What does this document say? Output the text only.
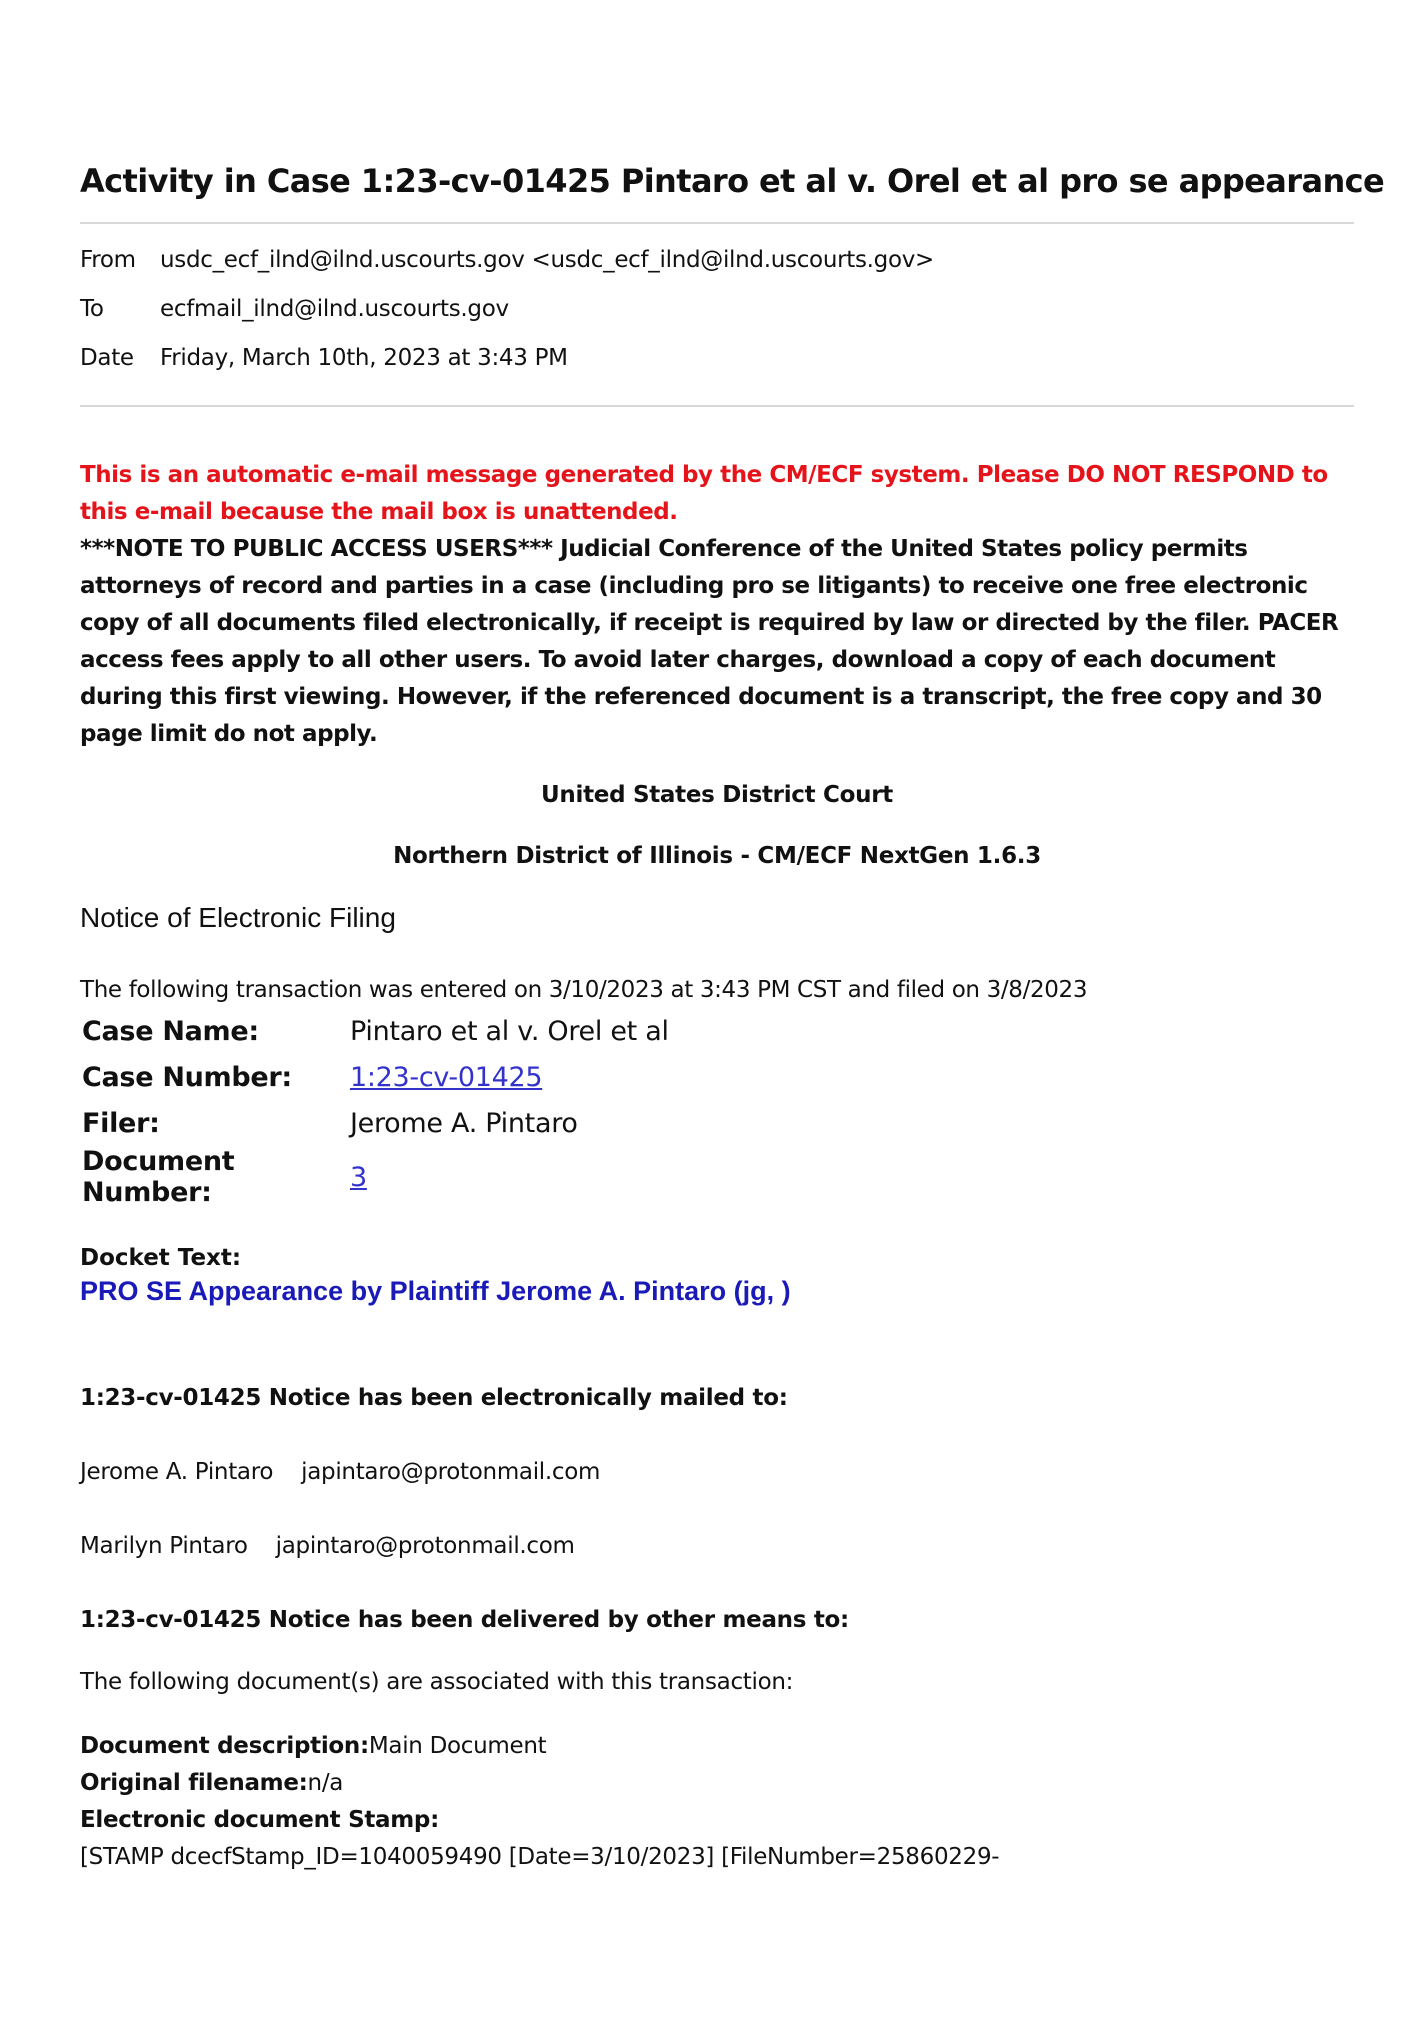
Activity in Case 1:23-cv-01425 Pintaro et al v. Orel et al pro se appearance
From	usdc_ecf_ilnd@ilnd.uscourts.gov <usdc_ecf_ilnd@ilnd.uscourts.gov>
To	ecfmail_ilnd@ilnd.uscourts.gov
Date	Friday, March 10th, 2023 at 3:43 PM
This is an automatic e-mail message generated by the CM/ECF system. Please DO NOT RESPOND to this e-mail because the mail box is unattended.
***NOTE TO PUBLIC ACCESS USERS*** Judicial Conference of the United States policy permits attorneys of record and parties in a case (including pro se litigants) to receive one free electronic copy of all documents filed electronically, if receipt is required by law or directed by the filer. PACER access fees apply to all other users. To avoid later charges, download a copy of each document during this first viewing. However, if the referenced document is a transcript, the free copy and 30 page limit do not apply.
United States District Court
Northern District of Illinois - CM/ECF NextGen 1.6.3
Notice of Electronic Filing
The following transaction was entered on 3/10/2023 at 3:43 PM CST and filed on 3/8/2023
Case Name:	Pintaro et al v. Orel et al
Case Number:	1:23-cv-01425
Filer:	Jerome A. Pintaro
Document Number:	3
Docket Text:
PRO SE Appearance by Plaintiff Jerome A. Pintaro (jg, )
1:23-cv-01425 Notice has been electronically mailed to:
Jerome A. Pintaro japintaro@protonmail.com
Marilyn Pintaro japintaro@protonmail.com
1:23-cv-01425 Notice has been delivered by other means to:
The following document(s) are associated with this transaction:
Document description:Main Document
Original filename:n/a
Electronic document Stamp:
[STAMP dcecfStamp_ID=1040059490 [Date=3/10/2023] [FileNumber=25860229-
